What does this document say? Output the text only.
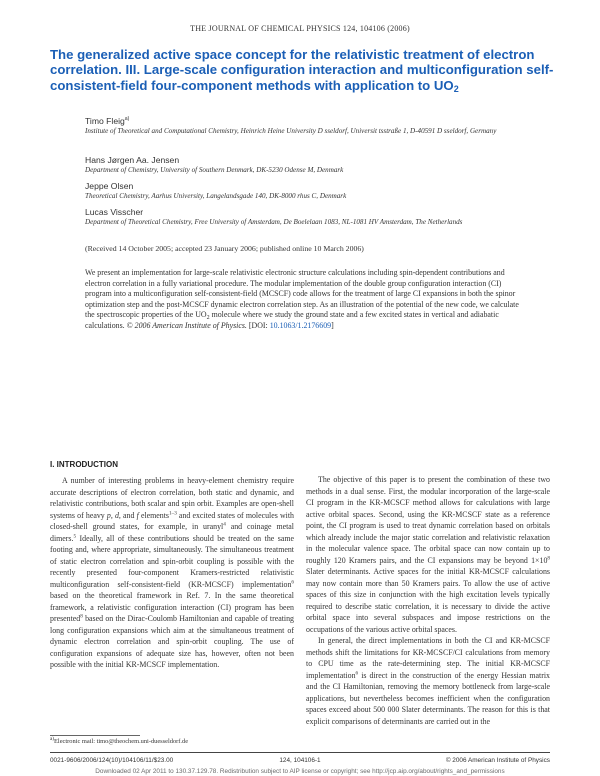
THE JOURNAL OF CHEMICAL PHYSICS 124, 104106 (2006)
The generalized active space concept for the relativistic treatment of electron correlation. III. Large-scale configuration interaction and multiconfiguration self-consistent-field four-component methods with application to UO2
Timo Fleig$^{a)}$
Institute of Theoretical and Computational Chemistry, Heinrich Heine University D sseldorf, Universit tsstraße 1, D-40591 D sseldorf, Germany
Hans Jørgen Aa. Jensen
Department of Chemistry, University of Southern Denmark, DK-5230 Odense M, Denmark
Jeppe Olsen
Theoretical Chemistry, Aarhus University, Langelandsgade 140, DK-8000 rhus C, Denmark
Lucas Visscher
Department of Theoretical Chemistry, Free University of Amsterdam, De Boelelaan 1083, NL-1081 HV Amsterdam, The Netherlands
(Received 14 October 2005; accepted 23 January 2006; published online 10 March 2006)
We present an implementation for large-scale relativistic electronic structure calculations including spin-dependent contributions and electron correlation in a fully variational procedure. The modular implementation of the double group configuration interaction (CI) program into a multiconfiguration self-consistent-field (MCSCF) code allows for the treatment of large CI expansions in both the spinor optimization step and the post-MCSCF dynamic electron correlation step. As an illustration of the potential of the new code, we calculate the spectroscopic properties of the $UO_2$ molecule where we study the ground state and a few excited states in vertical and adiabatic calculations. © 2006 American Institute of Physics. [DOI: 10.1063/1.2176609]
I. INTRODUCTION

A number of interesting problems in heavy-element chemistry require accurate descriptions of electron correlation, both static and dynamic, and relativistic contributions, both scalar and spin orbit. Examples are open-shell systems of heavy p, d, and f elements$^{1-3}$ and excited states of molecules with closed-shell ground states, for example, in uranyl$^4$ and coinage metal dimers.$^5$ Ideally, all of these contributions should be treated on the same footing and, where appropriate, simultaneously. The simultaneous treatment of static electron correlation and spin-orbit coupling is possible with the recently presented four-component Kramers-restricted relativistic multiconfiguration self-consistent-field (KR-MCSCF) implementation$^6$ based on the theoretical framework in Ref. 7. In the same theoretical framework, a relativistic configuration interaction (CI) program has been presented$^8$ based on the Dirac-Coulomb Hamiltonian and capable of treating long configuration expansions which aim at the simultaneous treatment of dynamic electron correlation and spin-orbit coupling. The use of configuration expansions of adequate size has, however, often not been possible with the initial KR-MCSCF implementation.

The objective of this paper is to present the combination of these two methods in a dual sense. First, the modular incorporation of the large-scale CI program in the KR-MCSCF method allows for calculations with large active orbital spaces. Second, using the KR-MCSCF state as a reference point, the CI program is used to treat dynamic correlation based on orbitals which already include the major static correlation and relativistic relaxation in the molecular valence space. The orbital space can now contain up to roughly 120 Kramers pairs, and the CI expansions may be beyond $1\times 10^8$ Slater determinants. Active spaces for the initial KR-MCSCF calculations may now contain more than 50 Kramers pairs. To allow the use of active spaces of this size in conjunction with the high excitation levels typically required to describe static correlation, it is necessary to divide the active orbital space into several subspaces and impose restrictions on the occupations of the various active orbital spaces.

In general, the direct implementations in both the CI and KR-MCSCF methods shift the limitations for KR-MCSCF/CI calculations from memory to CPU time as the rate-determining step. The initial KR-MCSCF implementation$^6$ is direct in the construction of the energy Hessian matrix and the CI Hamiltonian, removing the memory bottleneck from large-scale applications, but nevertheless becomes inefficient when the configuration spaces exceed about 500 000 Slater determinants. The reason for this is that explicit comparisons of determinants are carried out in the

$^{a)}$Electronic mail: timo@theochem.uni-duesseldorf.de
0021-9606/2006/124(10)/104106/11/$23.00	124, 104106-1	© 2006 American Institute of Physics
Downloaded 02 Apr 2011 to 130.37.129.78. Redistribution subject to AIP license or copyright; see http://jcp.aip.org/about/rights_and_permissions
